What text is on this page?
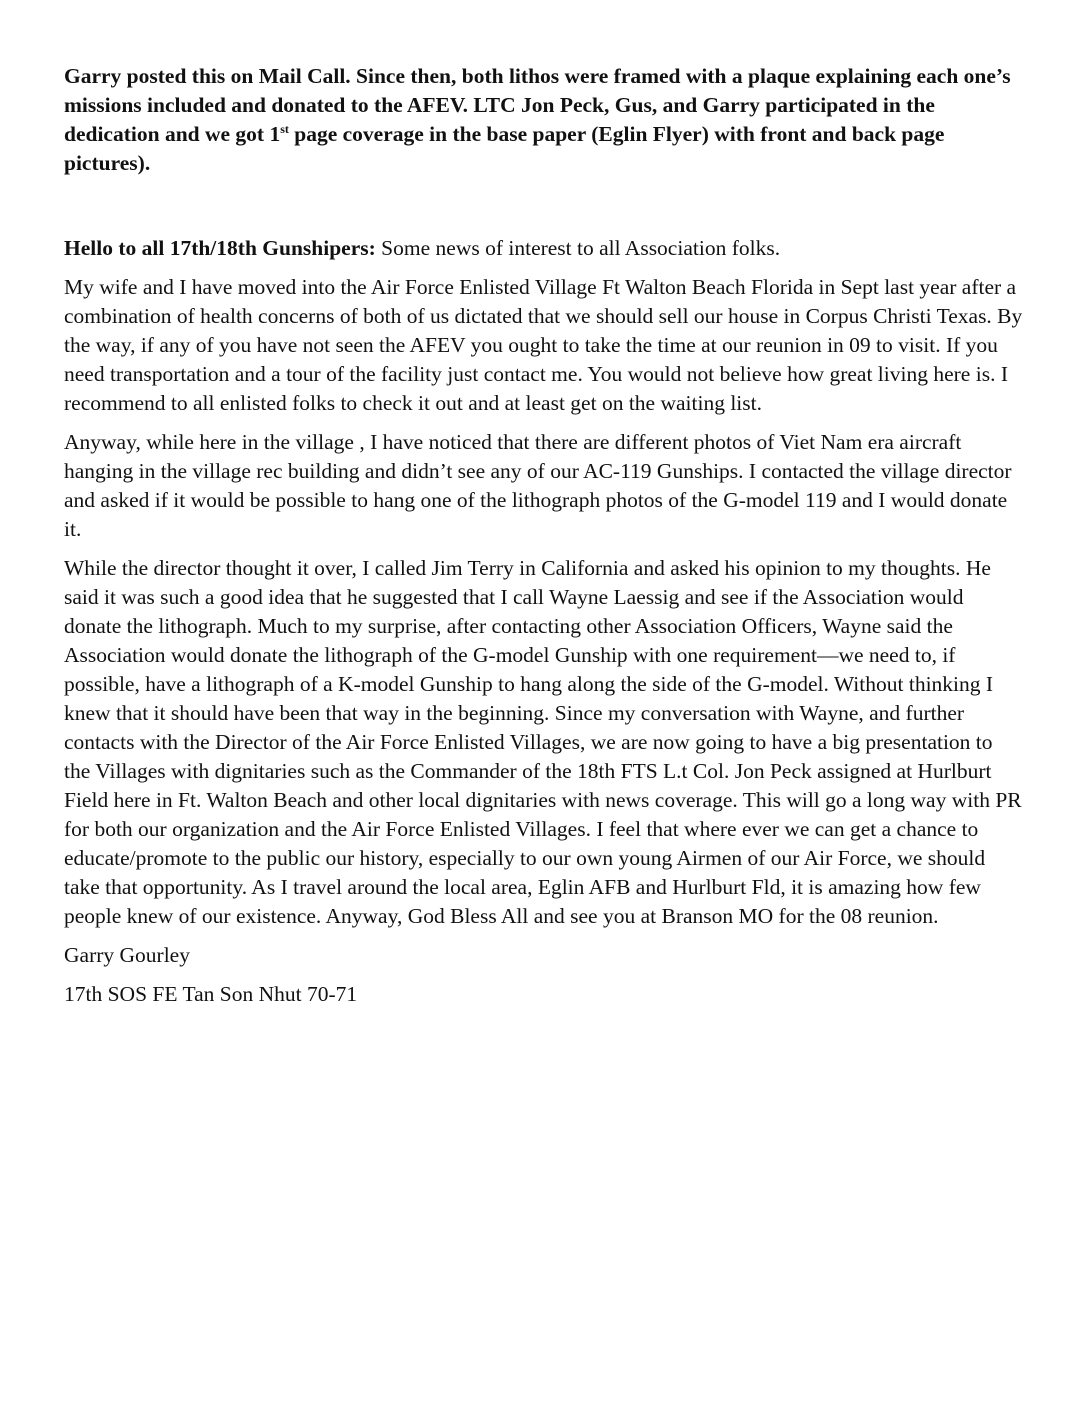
Garry posted this on Mail Call. Since then, both lithos were framed with a plaque explaining each one’s missions included and donated to the AFEV. LTC Jon Peck, Gus, and Garry participated in the dedication and we got 1st page coverage in the base paper (Eglin Flyer) with front and back page pictures).

Hello to all 17th/18th Gunshipers: Some news of interest to all Association folks.

My wife and I have moved into the Air Force Enlisted Village Ft Walton Beach Florida in Sept last year after a combination of health concerns of both of us dictated that we should sell our house in Corpus Christi Texas. By the way, if any of you have not seen the AFEV you ought to take the time at our reunion in 09 to visit. If you need transportation and a tour of the facility just contact me. You would not believe how great living here is. I recommend to all enlisted folks to check it out and at least get on the waiting list.

Anyway, while here in the village , I have noticed that there are different photos of Viet Nam era aircraft hanging in the village rec building and didn’t see any of our AC-119 Gunships. I contacted the village director and asked if it would be possible to hang one of the lithograph photos of the G-model 119 and I would donate it.

While the director thought it over, I called Jim Terry in California and asked his opinion to my thoughts. He said it was such a good idea that he suggested that I call Wayne Laessig and see if the Association would donate the lithograph. Much to my surprise, after contacting other Association Officers, Wayne said the Association would donate the lithograph of the G-model Gunship with one requirement—we need to, if possible, have a lithograph of a K-model Gunship to hang along the side of the G-model. Without thinking I knew that it should have been that way in the beginning. Since my conversation with Wayne, and further contacts with the Director of the Air Force Enlisted Villages, we are now going to have a big presentation to the Villages with dignitaries such as the Commander of the 18th FTS L.t Col. Jon Peck assigned at Hurlburt Field here in Ft. Walton Beach and other local dignitaries with news coverage. This will go a long way with PR for both our organization and the Air Force Enlisted Villages. I feel that where ever we can get a chance to educate/promote to the public our history, especially to our own young Airmen of our Air Force, we should take that opportunity. As I travel around the local area, Eglin AFB and Hurlburt Fld, it is amazing how few people knew of our existence. Anyway, God Bless All and see you at Branson MO for the 08 reunion.

Garry Gourley

17th SOS FE Tan Son Nhut 70-71
